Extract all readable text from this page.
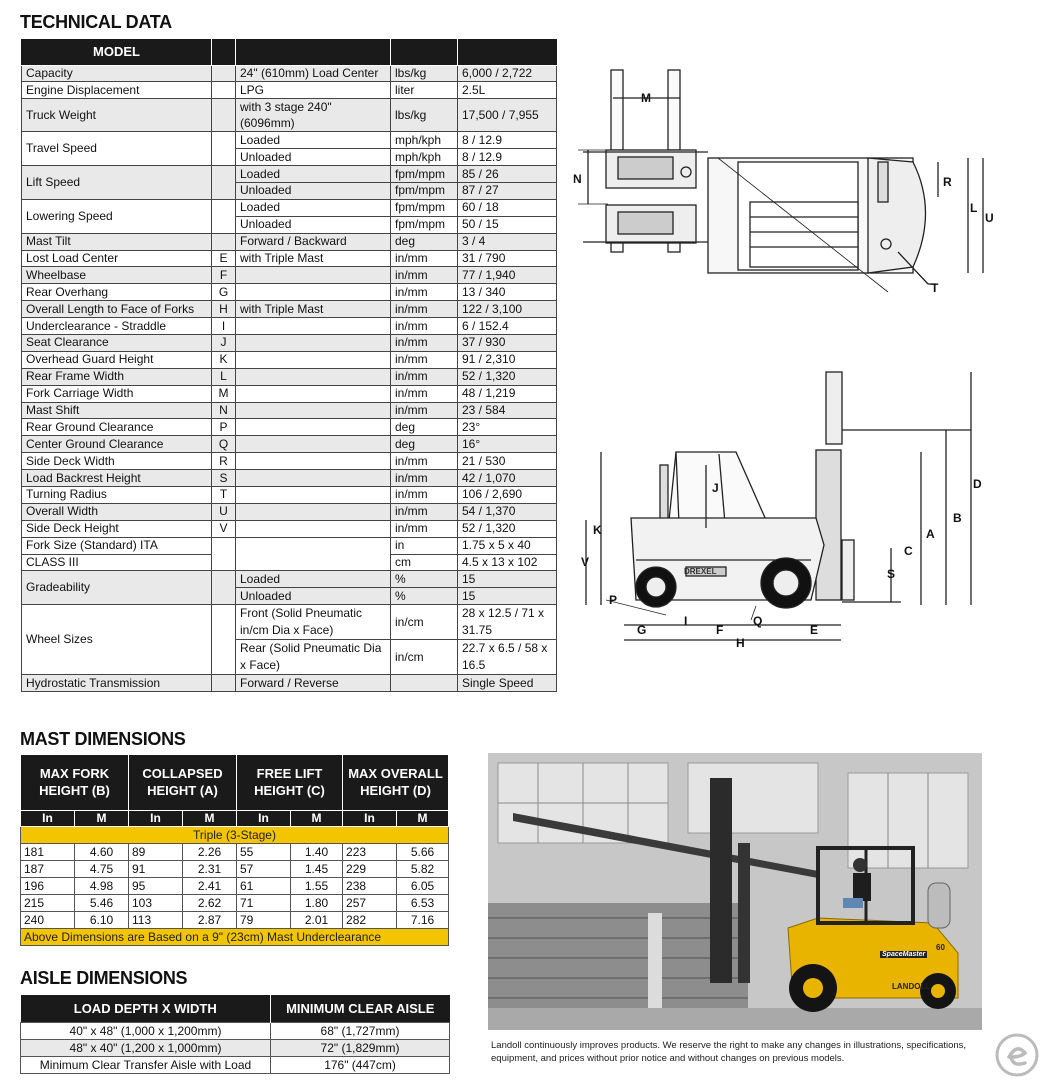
TECHNICAL DATA
MAST DIMENSIONS
AISLE DIMENSIONS
MODEL				
Capacity		24" (610mm) Load Center	lbs/kg	6,000 / 2,722
Engine Displacement		LPG	liter	2.5L
Truck Weight		with 3 stage 240" (6096mm)	lbs/kg	17,500 / 7,955
Travel Speed		Loaded	mph/kph	8 / 12.9
		Unloaded	mph/kph	8 / 12.9
Lift Speed		Loaded	fpm/mpm	85 / 26
		Unloaded	fpm/mpm	87 / 27
Lowering Speed		Loaded	fpm/mpm	60 / 18
		Unloaded	fpm/mpm	50 / 15
Mast Tilt		Forward / Backward	deg	3 / 4
Lost Load Center	E	with Triple Mast	in/mm	31 / 790
Wheelbase	F		in/mm	77 / 1,940
Rear Overhang	G		in/mm	13 / 340
Overall Length to Face of Forks	H	with Triple Mast	in/mm	122 / 3,100
Underclearance - Straddle	I		in/mm	6 / 152.4
Seat Clearance	J		in/mm	37 / 930
Overhead Guard Height	K		in/mm	91 / 2,310
Rear Frame Width	L		in/mm	52 / 1,320
Fork Carriage Width	M		in/mm	48 / 1,219
Mast Shift	N		in/mm	23 / 584
Rear Ground Clearance	P		deg	23°
Center Ground Clearance	Q		deg	16°
Side Deck Width	R		in/mm	21 / 530
Load Backrest Height	S		in/mm	42 / 1,070
Turning Radius	T		in/mm	106 / 2,690
Overall Width	U		in/mm	54 / 1,370
Side Deck Height	V		in/mm	52 / 1,320
Fork Size (Standard) ITA			in	1.75 x 5 x 40
CLASS III			cm	4.5 x 13 x 102
Gradeability		Loaded	%	15
		Unloaded	%	15
Wheel Sizes		Front (Solid Pneumatic in/cm Dia x Face)	in/cm	28 x 12.5 / 71 x 31.75
		Rear (Solid Pneumatic Dia x Face)	in/cm	22.7 x 6.5 / 58 x 16.5
Hydrostatic Transmission		Forward / Reverse		Single Speed
M
N	R
L
U
T
D
B
A
C
J
K
V
S
P
I	Q
G	F	E
H
DREXEL
MAX FORK HEIGHT (B)		COLLAPSED HEIGHT (A)		FREE LIFT HEIGHT (C)		MAX OVERALL HEIGHT (D)	
In	M	In	M	In	M	In	M
Triple (3-Stage)							
181	4.60	89	2.26	55	1.40	223	5.66
187	4.75	91	2.31	57	1.45	229	5.82
196	4.98	95	2.41	61	1.55	238	6.05
215	5.46	103	2.62	71	1.80	257	6.53
240	6.10	113	2.87	79	2.01	282	7.16
Above Dimensions are Based on a 9" (23cm) Mast Underclearance							
LOAD DEPTH X WIDTH	MINIMUM CLEAR AISLE
40" x 48" (1,000 x 1,200mm)	68" (1,727mm)
48" x 40" (1,200 x 1,000mm)	72" (1,829mm)
Minimum Clear Transfer Aisle with Load	176" (447cm)
SpaceMaster
60
LANDOLL
Landoll continuously improves products. We reserve the right to make any changes in illustrations, specifications, equipment, and prices without prior notice and without changes on previous models.
